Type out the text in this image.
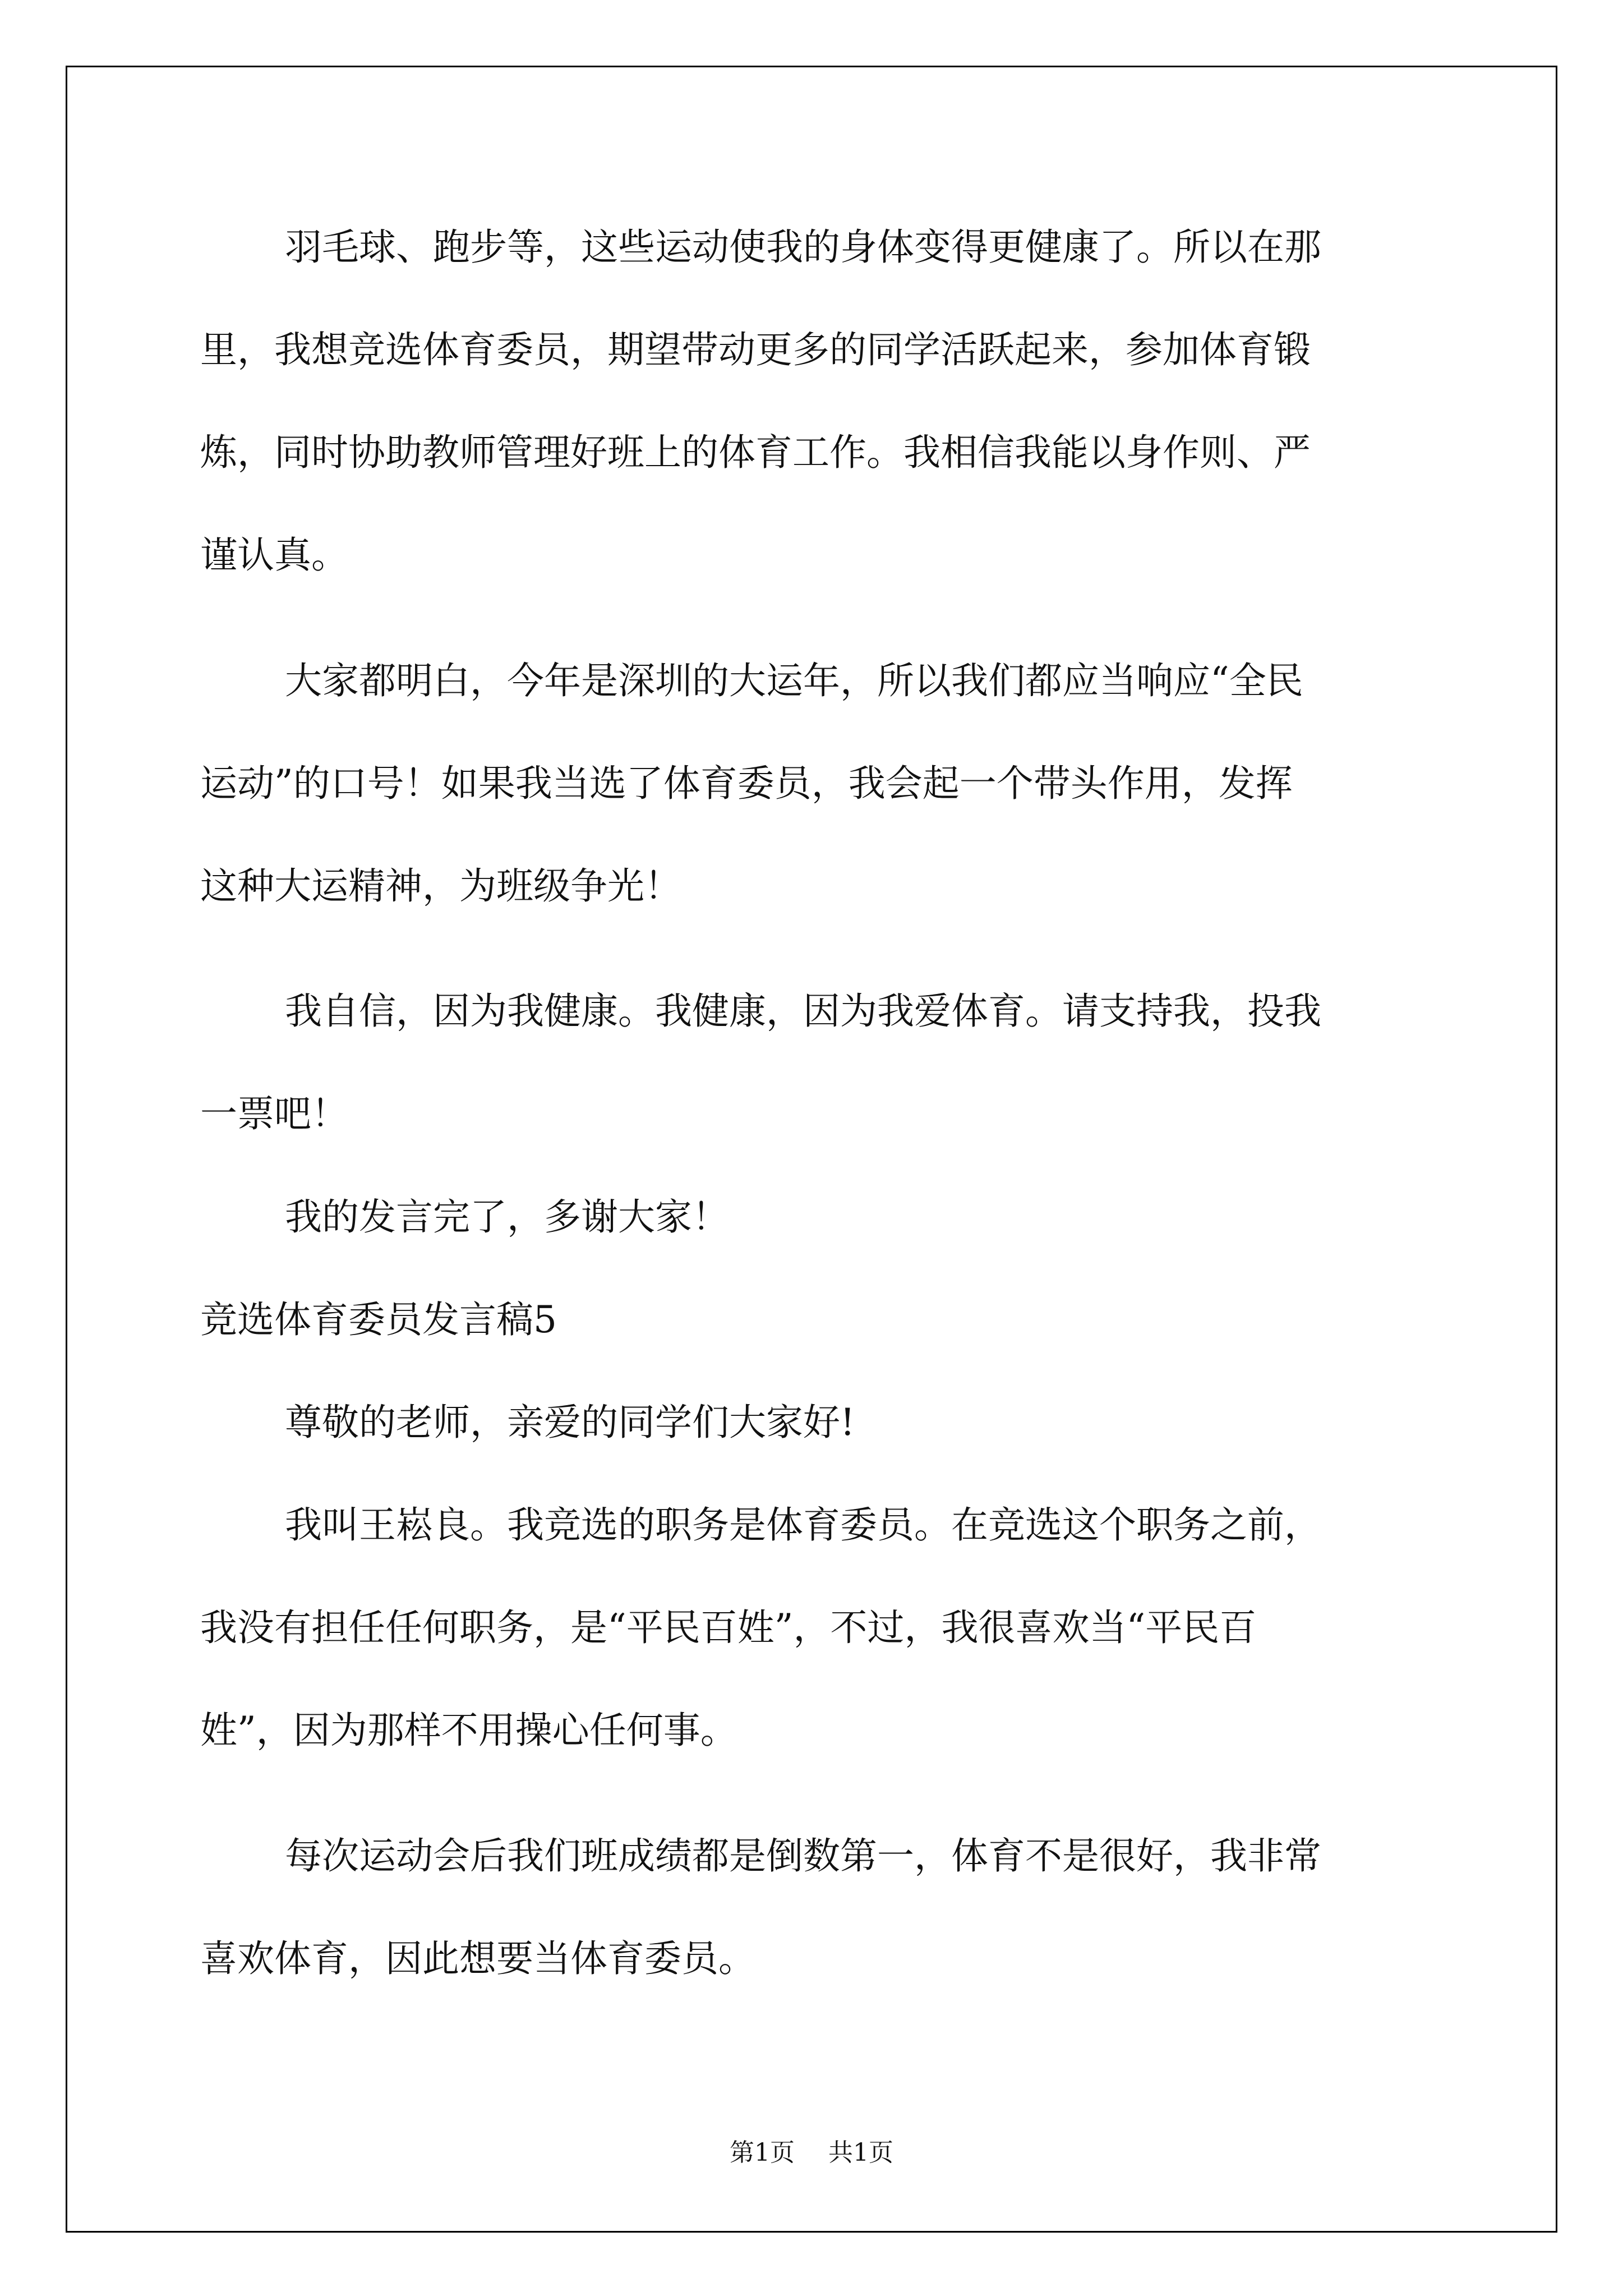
羽毛球、跑步等，这些运动使我的身体变得更健康了。所以在那
里，我想竞选体育委员，期望带动更多的同学活跃起来，参加体育锻
炼，同时协助教师管理好班上的体育工作。我相信我能以身作则、严
谨认真。
大家都明白，今年是深圳的大运年，所以我们都应当响应“全民
运动”的口号！如果我当选了体育委员，我会起一个带头作用，发挥
这种大运精神，为班级争光！
我自信，因为我健康。我健康，因为我爱体育。请支持我，投我
一票吧！
我的发言完了，多谢大家！
竞选体育委员发言稿5
尊敬的老师，亲爱的同学们大家好!
我叫王崧良。我竞选的职务是体育委员。在竞选这个职务之前，
我没有担任任何职务，是“平民百姓”，不过，我很喜欢当“平民百
姓”，因为那样不用操心任何事。
每次运动会后我们班成绩都是倒数第一，体育不是很好，我非常
喜欢体育，因此想要当体育委员。
第1页 共1页
